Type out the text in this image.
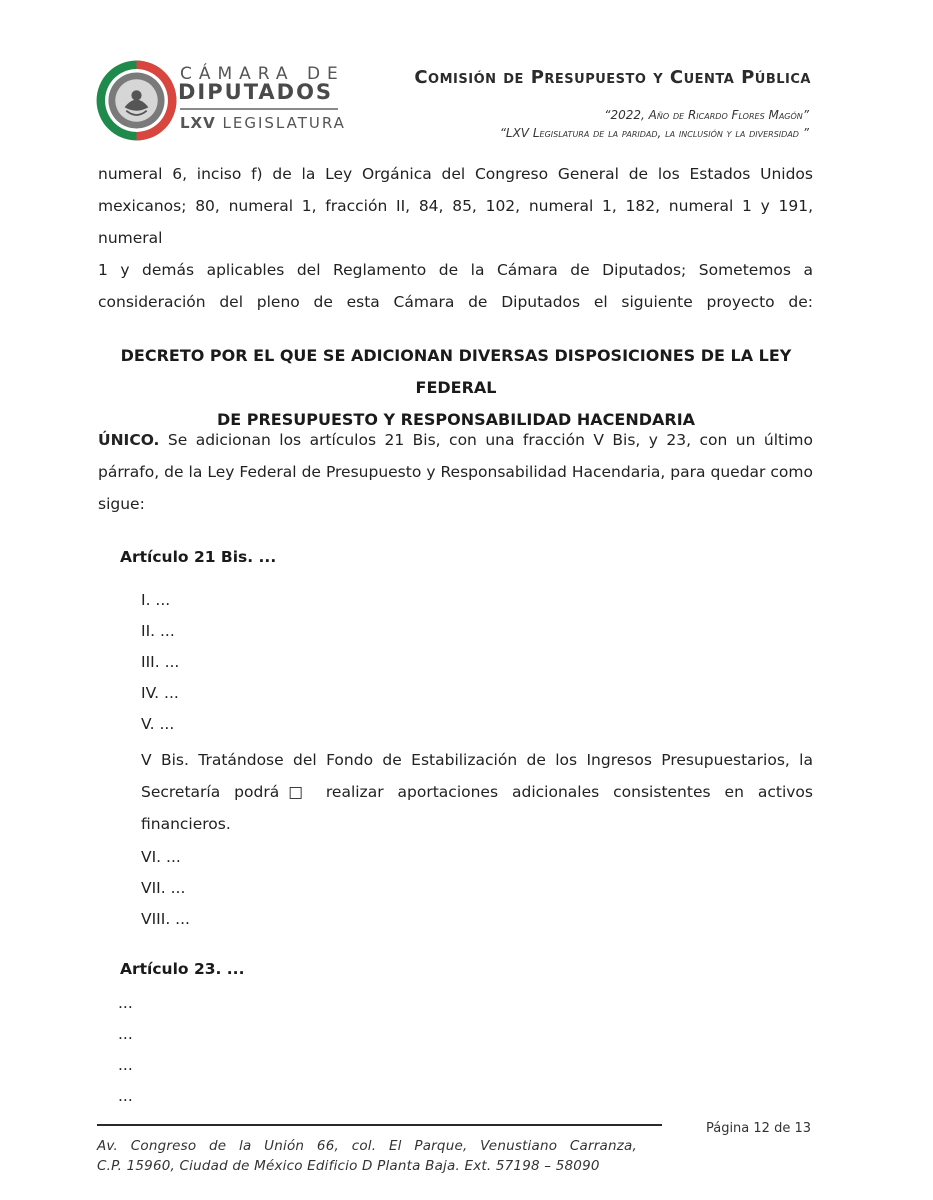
CÁMARA DE
DIPUTADOS
LXV LEGISLATURA
Comisión de Presupuesto y Cuenta Pública
“2022, Año de Ricardo Flores Magón”
“LXV Legislatura de la paridad, la inclusión y la diversidad ”
numeral 6, inciso f) de la Ley Orgánica del Congreso General de los Estados Unidos
mexicanos; 80, numeral 1, fracción II, 84, 85, 102, numeral 1, 182, numeral 1 y 191, numeral
1 y demás aplicables del Reglamento de la Cámara de Diputados; Sometemos a
consideración del pleno de esta Cámara de Diputados el siguiente proyecto de:
DECRETO POR EL QUE SE ADICIONAN DIVERSAS DISPOSICIONES DE LA LEY FEDERAL
DE PRESUPUESTO Y RESPONSABILIDAD HACENDARIA
ÚNICO. Se adicionan los artículos 21 Bis, con una fracción V Bis, y 23, con un último párrafo, de la Ley Federal de Presupuesto y Responsabilidad Hacendaria, para quedar como sigue:
Artículo 21 Bis. ...
I. ...
II. ...
III. ...
IV. ...
V. ...
V Bis. Tratándose del Fondo de Estabilización de los Ingresos Presupuestarios, la
Secretaría podrá□ realizar aportaciones adicionales consistentes en activos
financieros.
VI. ...
VII. ...
VIII. ...
Artículo 23. ...
...
...
...
...
Página 12 de 13
Av. Congreso de la Unión 66, col. El Parque, Venustiano Carranza,
C.P. 15960, Ciudad de México Edificio D Planta Baja. Ext. 57198 – 58090
